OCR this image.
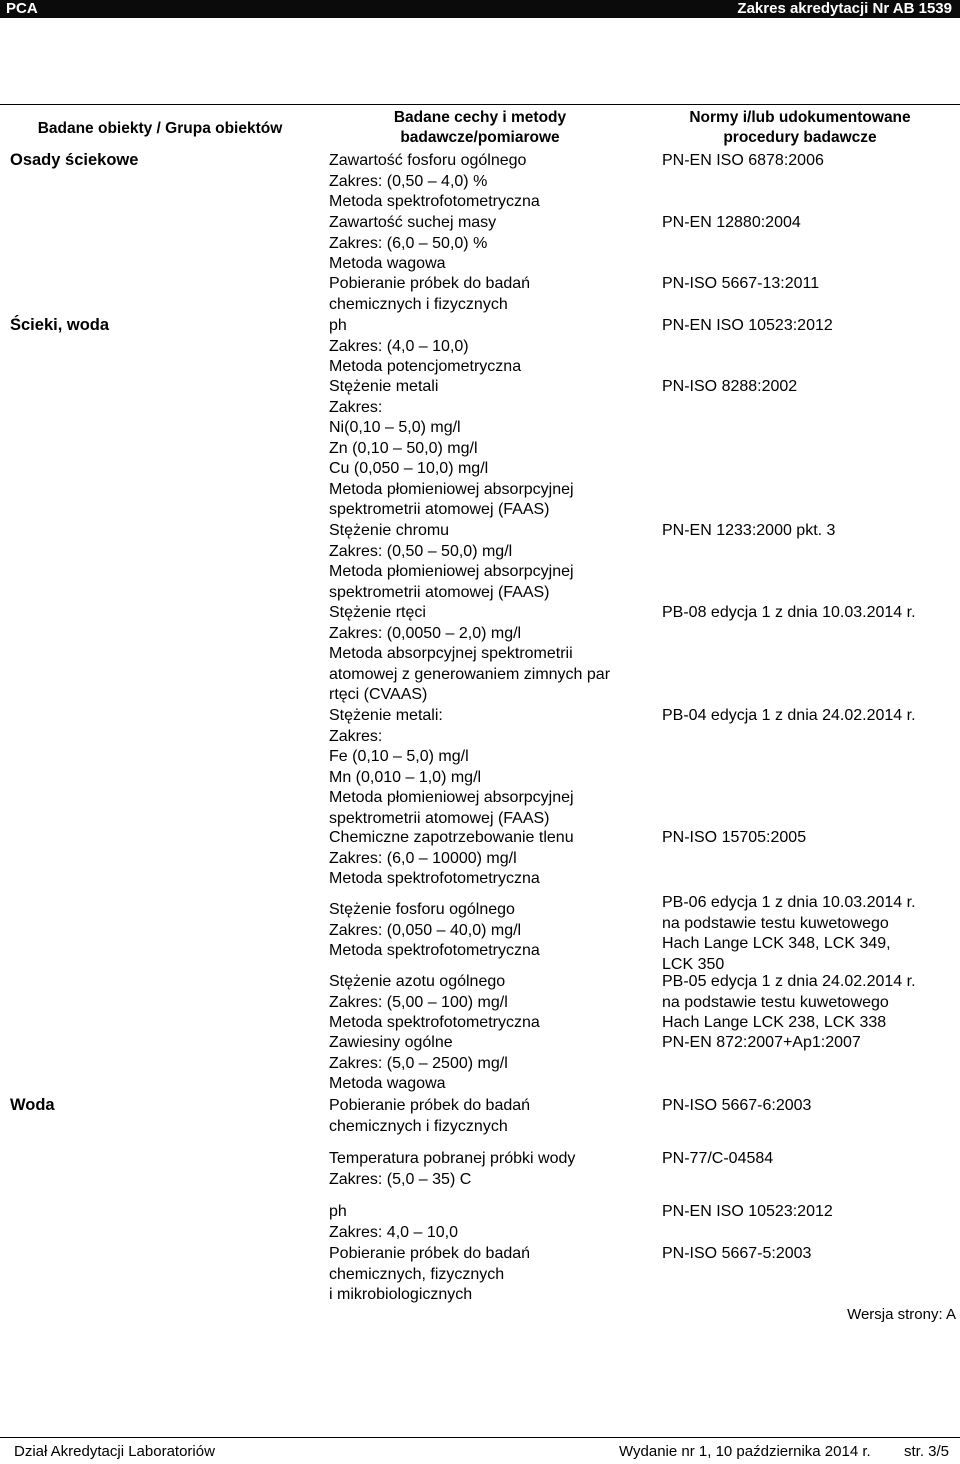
PCA	Zakres akredytacji Nr AB 1539
Badane obiekty / Grupa obiektów
Badane cechy i metody
badawcze/pomiarowe
Normy i/lub udokumentowane
procedury badawcze
Osady ściekowe
Ścieki, woda
Woda
Zawartość fosforu ogólnego
Zakres: (0,50 – 4,0) %
Metoda spektrofotometryczna
PN-EN ISO 6878:2006
Zawartość suchej masy
Zakres: (6,0 – 50,0) %
Metoda wagowa
PN-EN 12880:2004
Pobieranie próbek do badań
chemicznych i fizycznych
PN-ISO 5667-13:2011
ph
Zakres: (4,0 – 10,0)
Metoda potencjometryczna
PN-EN ISO 10523:2012
Stężenie metali
Zakres:
Ni(0,10 – 5,0) mg/l
Zn (0,10 – 50,0) mg/l
Cu (0,050 – 10,0) mg/l
Metoda płomieniowej absorpcyjnej
spektrometrii atomowej (FAAS)
PN-ISO 8288:2002
Stężenie chromu
Zakres: (0,50 – 50,0) mg/l
Metoda płomieniowej absorpcyjnej
spektrometrii atomowej (FAAS)
PN-EN 1233:2000 pkt. 3
Stężenie rtęci
Zakres: (0,0050 – 2,0) mg/l
Metoda absorpcyjnej spektrometrii
atomowej z generowaniem zimnych par
rtęci (CVAAS)
PB-08 edycja 1 z dnia 10.03.2014 r.
Stężenie metali:
Zakres:
Fe (0,10 – 5,0) mg/l
Mn (0,010 – 1,0) mg/l
Metoda płomieniowej absorpcyjnej
spektrometrii atomowej (FAAS)
PB-04 edycja 1 z dnia 24.02.2014 r.
Chemiczne zapotrzebowanie tlenu
Zakres: (6,0 – 10000) mg/l
Metoda spektrofotometryczna
PN-ISO 15705:2005
Stężenie fosforu ogólnego
Zakres: (0,050 – 40,0) mg/l
Metoda spektrofotometryczna
PB-06 edycja 1 z dnia 10.03.2014 r.
na podstawie testu kuwetowego
Hach Lange LCK 348, LCK 349,
LCK 350
Stężenie azotu ogólnego
Zakres: (5,00 – 100) mg/l
Metoda spektrofotometryczna
PB-05 edycja 1 z dnia 24.02.2014 r.
na podstawie testu kuwetowego
Hach Lange LCK 238, LCK 338
Zawiesiny ogólne
Zakres: (5,0 – 2500) mg/l
Metoda wagowa
PN-EN 872:2007+Ap1:2007
Pobieranie próbek do badań
chemicznych i fizycznych
PN-ISO 5667-6:2003
Temperatura pobranej próbki wody
Zakres: (5,0 – 35) C
PN-77/C-04584
ph
Zakres: 4,0 – 10,0
PN-EN ISO 10523:2012
Pobieranie próbek do badań
chemicznych, fizycznych
i mikrobiologicznych
PN-ISO 5667-5:2003
Wersja strony: A
Dział Akredytacji Laboratoriów	Wydanie nr 1, 10 października 2014 r. str. 3/5
